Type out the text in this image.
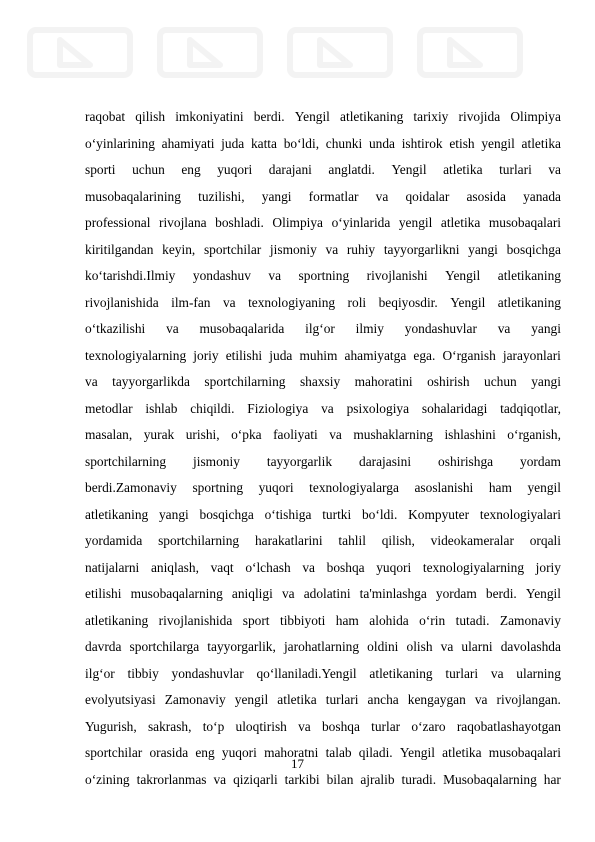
raqobat qilish imkoniyatini berdi. Yengil atletikaning tarixiy rivojida Olimpiya
o‘yinlarining ahamiyati juda katta bo‘ldi, chunki unda ishtirok etish yengil atletika
sporti uchun eng yuqori darajani anglatdi. Yengil atletika turlari va
musobaqalarining tuzilishi, yangi formatlar va qoidalar asosida yanada
professional rivojlana boshladi. Olimpiya o‘yinlarida yengil atletika musobaqalari
kiritilgandan keyin, sportchilar jismoniy va ruhiy tayyorgarlikni yangi bosqichga
ko‘tarishdi.Ilmiy yondashuv va sportning rivojlanishi Yengil atletikaning
rivojlanishida ilm-fan va texnologiyaning roli beqiyosdir. Yengil atletikaning
o‘tkazilishi va musobaqalarida ilg‘or ilmiy yondashuvlar va yangi
texnologiyalarning joriy etilishi juda muhim ahamiyatga ega. O‘rganish jarayonlari
va tayyorgarlikda sportchilarning shaxsiy mahoratini oshirish uchun yangi
metodlar ishlab chiqildi. Fiziologiya va psixologiya sohalaridagi tadqiqotlar,
masalan, yurak urishi, o‘pka faoliyati va mushaklarning ishlashini o‘rganish,
sportchilarning jismoniy tayyorgarlik darajasini oshirishga yordam
berdi.Zamonaviy sportning yuqori texnologiyalarga asoslanishi ham yengil
atletikaning yangi bosqichga o‘tishiga turtki bo‘ldi. Kompyuter texnologiyalari
yordamida sportchilarning harakatlarini tahlil qilish, videokameralar orqali
natijalarni aniqlash, vaqt o‘lchash va boshqa yuqori texnologiyalarning joriy
etilishi musobaqalarning aniqligi va adolatini ta'minlashga yordam berdi. Yengil
atletikaning rivojlanishida sport tibbiyoti ham alohida o‘rin tutadi. Zamonaviy
davrda sportchilarga tayyorgarlik, jarohatlarning oldini olish va ularni davolashda
ilg‘or tibbiy yondashuvlar qo‘llaniladi.Yengil atletikaning turlari va ularning
evolyutsiyasi Zamonaviy yengil atletika turlari ancha kengaygan va rivojlangan.
Yugurish, sakrash, to‘p uloqtirish va boshqa turlar o‘zaro raqobatlashayotgan
sportchilar orasida eng yuqori mahoratni talab qiladi. Yengil atletika musobaqalari
o‘zining takrorlanmas va qiziqarli tarkibi bilan ajralib turadi. Musobaqalarning har
17
